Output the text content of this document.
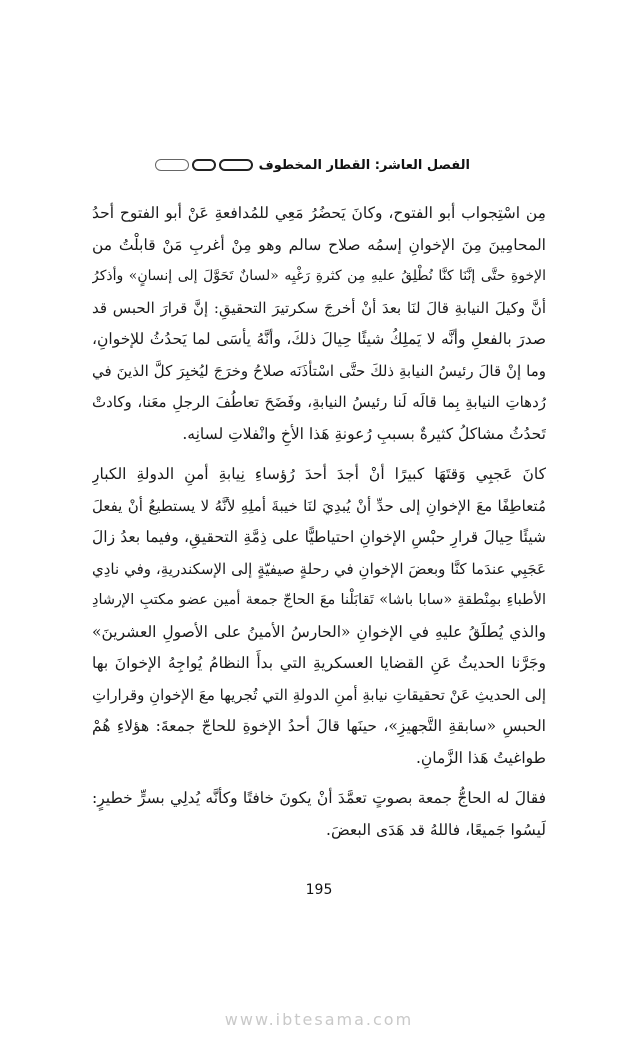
الفصل العاشر: القطار المخطوف
مِن اسْتِجواب أبو الفتوح، وكانَ يَحضُرُ مَعِي للمُدافعةِ عَنْ أبو الفتوح أحدُ
المحامِينَ مِنَ الإخوانِ إسمُه صلاح سالم وهو مِنْ أغربِ مَنْ قابلْتُ من
الإخوةِ حتَّى إنَّنَا كنَّا نُطْلِقُ عليهِ مِن كثرةِ رَغْيِه «لسانٌ تَحَوَّلَ إلى إنسانٍ» وأذكرُ
أنَّ وكيلَ النيابةِ قالَ لنَا بعدَ أنْ أخرجَ سكرتيرَ التحقيقِ: إنَّ قرارَ الحبس قد
صدرَ بالفعلِ وأنَّه لا يَملِكُ شيئًا حِيالَ ذلكَ، وأنَّهُ يأسَى لما يَحدُثُ للإخوانِ،
وما إنْ قالَ رئيسُ النيابةِ ذلكَ حتَّى اسْتأذَنَه صلاحُ وخرَجَ ليُخبِرَ كلَّ الذينَ في
رُدهاتِ النيابةِ بِما قالَه لَنا رئيسُ النيابةِ، وفَضَحَ تعاطُفَ الرجلِ معَنا، وكادتْ
تَحدُثُ مشاكلُ كثيرةٌ بسببِ رُعونةِ هَذا الأخِ وانْفلاتِ لسانِه.
كانَ عَجبِي وَقتَهَا كبيرًا أنْ أجدَ أحدَ رُؤساءِ نِيابةِ أمنِ الدولةِ الكبارِ
مُتعاطِفًا معَ الإخوانِ إلى حدِّ أنْ يُبدِيَ لنَا خيبةَ أملِهِ لأنَّهُ لا يستطيعُ أنْ يفعلَ
شيئًا حِيالَ قرارِ حبْسِ الإخوانِ احتياطيًّا على ذِمَّةِ التحقيقِ، وفيما بعدُ زالَ
عَجَبِي عندَما كنَّا وبعضَ الإخوانِ في رحلةٍ صيفيّةٍ إلى الإسكندريةِ، وفي نادِي
الأطباءِ بمِنْطقةِ «سابا باشا» تَقابَلْنا معَ الحاجّ جمعة أمين عضو مكتبِ الإرشادِ
والذي يُطلَقُ عليهِ في الإخوانِ «الحارسُ الأمينُ على الأصولِ العشرينَ»
وجَرَّنا الحديثُ عَنِ القضايا العسكريةِ التي بدأَ النظامُ يُواجِهُ الإخوانَ بها
إلى الحديثِ عَنْ تحقيقاتِ نيابةِ أمنِ الدولةِ التي تُجريها معَ الإخوانِ وقراراتِ
الحبسِ «سابقةِ التَّجهيزِ»، حينَها قالَ أحدُ الإخوةِ للحاجّ جمعةَ: هؤلاءِ هُمْ
طواغيتُ هَذا الزَّمانِ.
فقالَ له الحاجُّ جمعة بصوتٍ تعمَّدَ أنْ يكونَ خافتًا وكأنَّه يُدلِي بسرٍّ خطيرٍ:
لَيسُوا جَميعًا، فاللهُ قد هَدَى البعضَ.
195
www.ibtesama.com
